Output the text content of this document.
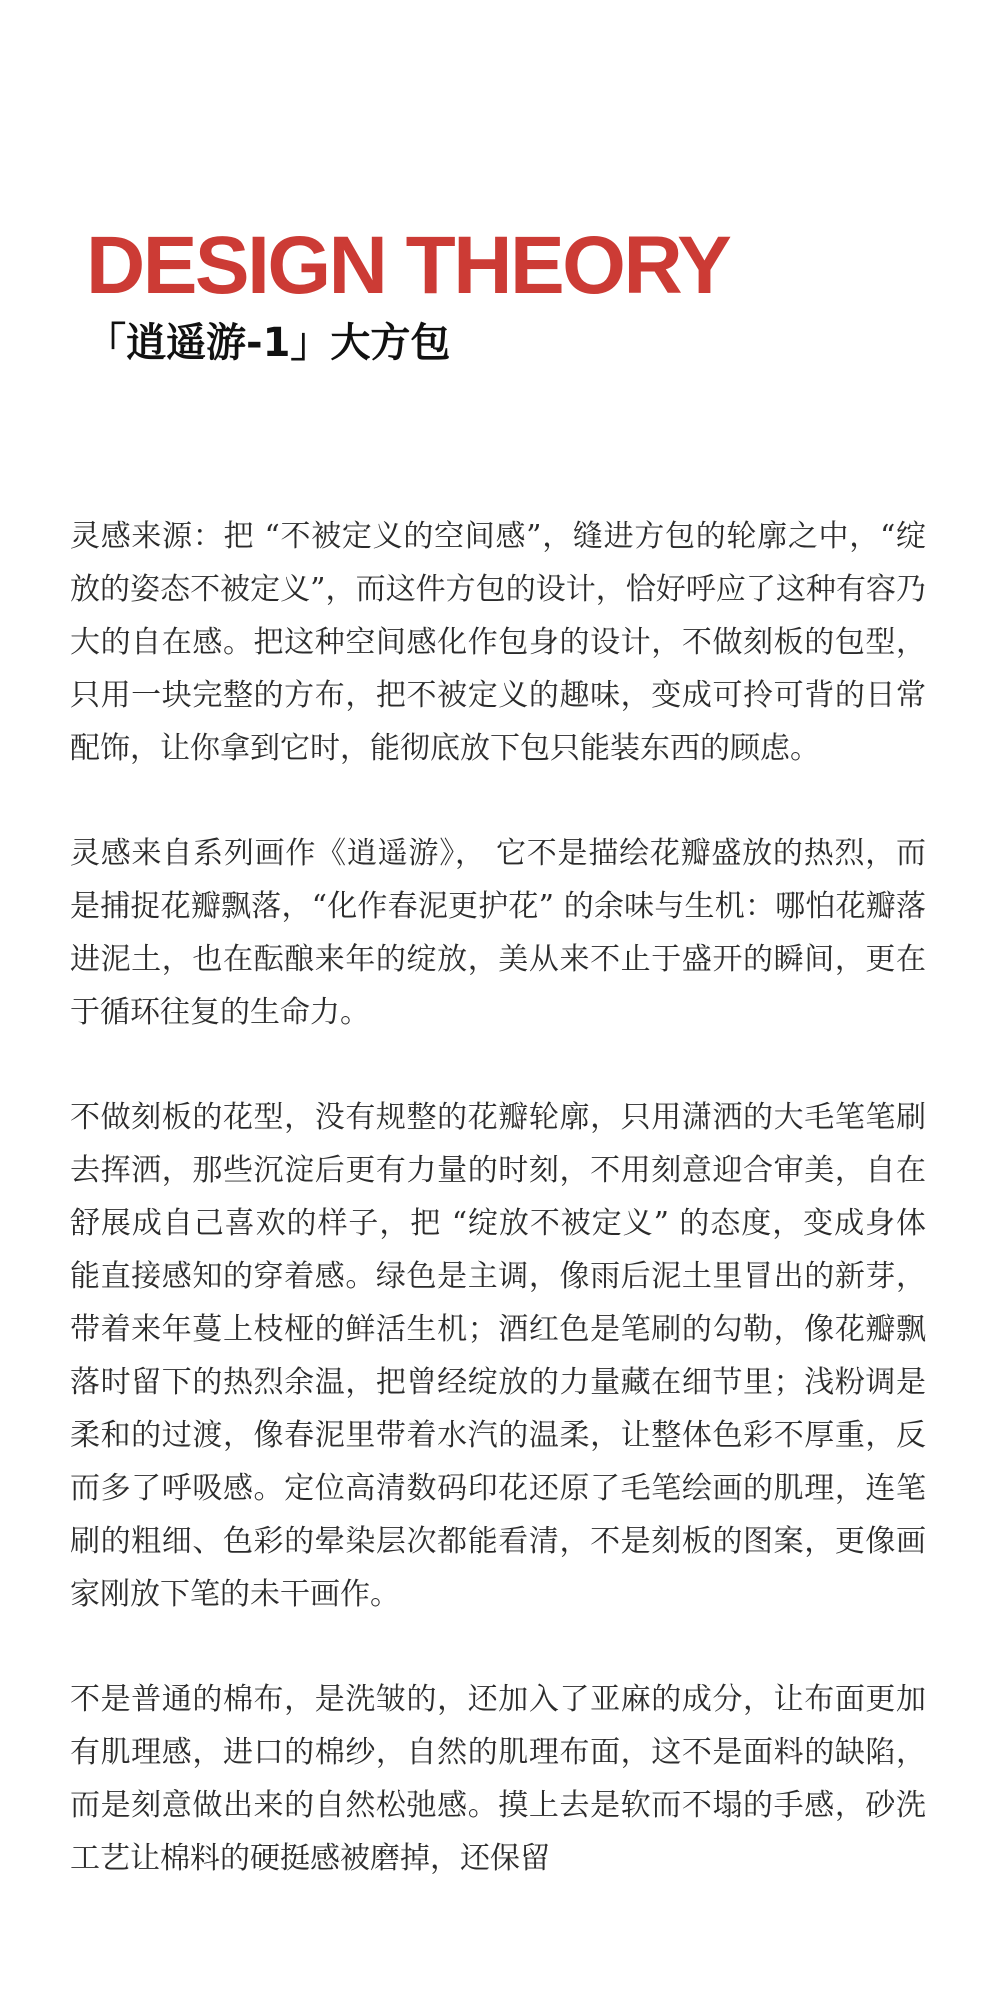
DESIGN THEORY
「逍遥游-1」大方包

灵感来源：把 “不被定义的空间感”，缝进方包的轮廓之中，“绽放的姿态不被定义”，而这件方包的设计，恰好呼应了这种有容乃大的自在感。把这种空间感化作包身的设计，不做刻板的包型，只用一块完整的方布，把不被定义的趣味，变成可拎可背的日常配饰，让你拿到它时，能彻底放下包只能装东西的顾虑。

灵感来自系列画作《逍遥游》， 它不是描绘花瓣盛放的热烈，而是捕捉花瓣飘落，“化作春泥更护花” 的余味与生机：哪怕花瓣落进泥土，也在酝酿来年的绽放，美从来不止于盛开的瞬间，更在于循环往复的生命力。

不做刻板的花型，没有规整的花瓣轮廓，只用潇洒的大毛笔笔刷去挥洒，那些沉淀后更有力量的时刻，不用刻意迎合审美，自在舒展成自己喜欢的样子，把 “绽放不被定义” 的态度，变成身体能直接感知的穿着感。绿色是主调，像雨后泥土里冒出的新芽，带着来年蔓上枝桠的鲜活生机；酒红色是笔刷的勾勒，像花瓣飘落时留下的热烈余温，把曾经绽放的力量藏在细节里；浅粉调是柔和的过渡，像春泥里带着水汽的温柔，让整体色彩不厚重，反而多了呼吸感。定位高清数码印花还原了毛笔绘画的肌理，连笔刷的粗细、色彩的晕染层次都能看清，不是刻板的图案，更像画家刚放下笔的未干画作。

不是普通的棉布，是洗皱的，还加入了亚麻的成分，让布面更加有肌理感，进口的棉纱，自然的肌理布面，这不是面料的缺陷，而是刻意做出来的自然松弛感。摸上去是软而不塌的手感，砂洗工艺让棉料的硬挺感被磨掉，还保留
